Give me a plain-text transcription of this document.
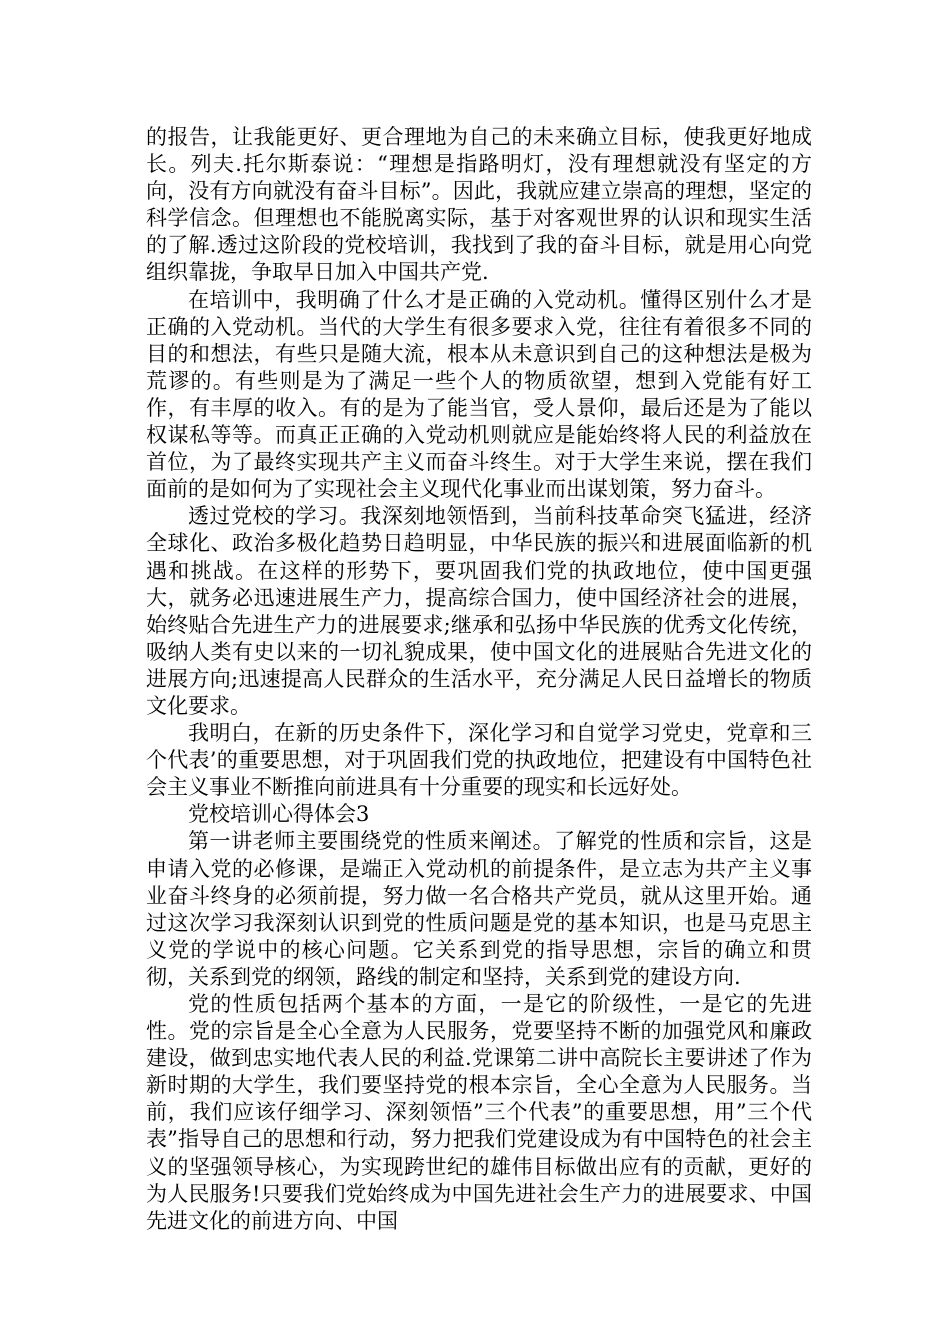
的报告，让我能更好、更合理地为自己的未来确立目标，使我更好地成长。列夫.托尔斯泰说：“理想是指路明灯，没有理想就没有坚定的方向，没有方向就没有奋斗目标”。因此，我就应建立崇高的理想，坚定的科学信念。但理想也不能脱离实际，基于对客观世界的认识和现实生活的了解.透过这阶段的党校培训，我找到了我的奋斗目标，就是用心向党组织靠拢，争取早日加入中国共产党.

在培训中，我明确了什么才是正确的入党动机。懂得区别什么才是正确的入党动机。当代的大学生有很多要求入党，往往有着很多不同的目的和想法，有些只是随大流，根本从未意识到自己的这种想法是极为荒谬的。有些则是为了满足一些个人的物质欲望，想到入党能有好工作，有丰厚的收入。有的是为了能当官，受人景仰，最后还是为了能以权谋私等等。而真正正确的入党动机则就应是能始终将人民的利益放在首位，为了最终实现共产主义而奋斗终生。对于大学生来说，摆在我们面前的是如何为了实现社会主义现代化事业而出谋划策，努力奋斗。

透过党校的学习。我深刻地领悟到，当前科技革命突飞猛进，经济全球化、政治多极化趋势日趋明显，中华民族的振兴和进展面临新的机遇和挑战。在这样的形势下，要巩固我们党的执政地位，使中国更强大，就务必迅速进展生产力，提高综合国力，使中国经济社会的进展，始终贴合先进生产力的进展要求;继承和弘扬中华民族的优秀文化传统，吸纳人类有史以来的一切礼貌成果，使中国文化的进展贴合先进文化的进展方向;迅速提高人民群众的生活水平，充分满足人民日益增长的物质文化要求。

我明白，在新的历史条件下，深化学习和自觉学习党史，党章和三个代表’的重要思想，对于巩固我们党的执政地位，把建设有中国特色社会主义事业不断推向前进具有十分重要的现实和长远好处。

党校培训心得体会3

第一讲老师主要围绕党的性质来阐述。了解党的性质和宗旨，这是申请入党的必修课，是端正入党动机的前提条件，是立志为共产主义事业奋斗终身的必须前提，努力做一名合格共产党员，就从这里开始。通过这次学习我深刻认识到党的性质问题是党的基本知识，也是马克思主义党的学说中的核心问题。它关系到党的指导思想，宗旨的确立和贯彻，关系到党的纲领，路线的制定和坚持，关系到党的建设方向.

党的性质包括两个基本的方面，一是它的阶级性，一是它的先进性。党的宗旨是全心全意为人民服务，党要坚持不断的加强党风和廉政建设，做到忠实地代表人民的利益.党课第二讲中高院长主要讲述了作为新时期的大学生，我们要坚持党的根本宗旨，全心全意为人民服务。当前，我们应该仔细学习、深刻领悟”三个代表”的重要思想，用”三个代表”指导自己的思想和行动，努力把我们党建设成为有中国特色的社会主义的坚强领导核心，为实现跨世纪的雄伟目标做出应有的贡献，更好的为人民服务!只要我们党始终成为中国先进社会生产力的进展要求、中国先进文化的前进方向、中国
